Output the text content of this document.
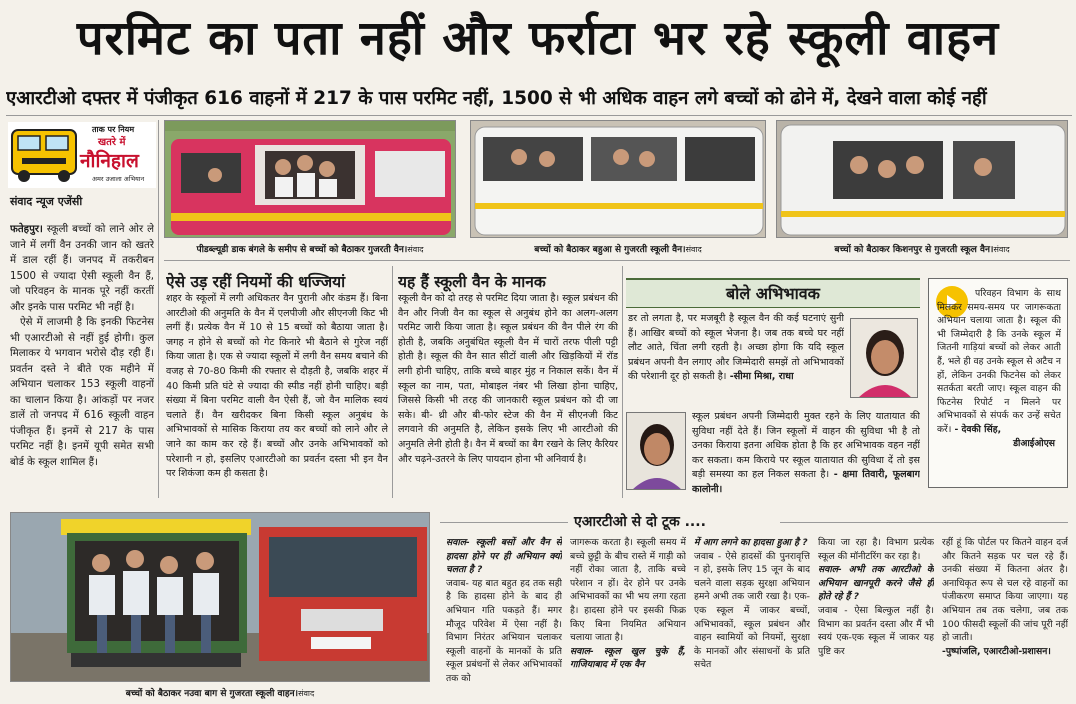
परमिट का पता नहीं और फर्राटा भर रहे स्कूली वाहन
एआरटीओ दफ्तर में पंजीकृत 616 वाहनों में 217 के पास परमिट नहीं, 1500 से भी अधिक वाहन लगे बच्चों को ढोने में, देखने वाला कोई नहीं
ताक पर नियम
खतरे में
नौनिहाल
अमर उजाला अभियान
संवाद न्यूज एजेंसी

फतेहपुर। स्कूली बच्चों को लाने ओर ले जाने में लगीं वैन उनकी जान को खतरे में डाल रहीं हैं। जनपद में तकरीबन 1500 से ज्यादा ऐसी स्कूली वैन हैं, जो परिवहन के मानक पूरे नहीं करतीं और इनके पास परमिट भी नहीं है।

ऐसे में लाजमी है कि इनकी फिटनेस भी एआरटीओ से नहीं हुई होगी। कुल मिलाकर ये भगवान भरोसे दौड़ रही हैं। प्रवर्तन दस्ते ने बीते एक महीने में अभियान चलाकर 153 स्कूली वाहनों का चालान किया है। आंकड़ों पर नजर डालें तो जनपद में 616 स्कूली वाहन पंजीकृत हैं। इनमें से 217 के पास परमिट नहीं है। इनमें यूपी समेत सभी बोर्ड के स्कूल शामिल हैं।

पीडब्ल्यूडी डाक बंगले के समीप से बच्चों को बैठाकर गुजरती वैन।संवाद	बच्चों को बैठाकर बहुआ से गुजरती स्कूली वैन।संवाद	बच्चों को बैठाकर किशनपुर से गुजरती स्कूल वैन।संवाद
ऐसे उड़ रहीं नियमों की धज्जियां
शहर के स्कूलों में लगी अधिकतर वैन पुरानी और कंडम हैं। बिना आरटीओ की अनुमति के वैन में एलपीजी और सीएनजी किट भी लगीं हैं। प्रत्येक वैन में 10 से 15 बच्चों को बैठाया जाता है। जगह न होने से बच्चों को गेट किनारे भी बैठाने से गुरेज नहीं किया जाता है। एक से ज्यादा स्कूलों में लगी वैन समय बचाने की वजह से 70-80 किमी की रफ्तार से दौड़ती है, जबकि शहर में 40 किमी प्रति घंटे से ज्यादा की स्पीड नहीं होनी चाहिए। बड़ी संख्या में बिना परमिट वाली वैन ऐसी हैं, जो वैन मालिक स्वयं चलाते हैं। वैन खरीदकर बिना किसी स्कूल अनुबंध के अभिभावकों से मासिक किराया तय कर बच्चों को लाने और ले जाने का काम कर रहे हैं। बच्चों और उनके अभिभावकों को परेशानी न हो, इसलिए एआरटीओ का प्रवर्तन दस्ता भी इन वैन पर शिकंजा कम ही कसता है।
यह हैं स्कूली वैन के मानक
स्कूली वैन को दो तरह से परमिट दिया जाता है। स्कूल प्रबंधन की वैन और निजी वैन का स्कूल से अनुबंध होने का अलग-अलग परमिट जारी किया जाता है। स्कूल प्रबंधन की वैन पीले रंग की होती है, जबकि अनुबंधित स्कूली वैन में चारों तरफ पीली पट्टी होती है। स्कूल की वैन सात सीटों वाली और खिड़कियों में रॉड लगी होनी चाहिए, ताकि बच्चे बाहर मुंह न निकाल सकें। वैन में स्कूल का नाम, पता, मोबाइल नंबर भी लिखा होना चाहिए, जिससे किसी भी तरह की जानकारी स्कूल प्रबंधन को दी जा सके। बी- थ्री और बी-फोर स्टेज की वैन में सीएनजी किट लगवाने की अनुमति है, लेकिन इसके लिए भी आरटीओ की अनुमति लेनी होती है। वैन में बच्चों का बैग रखने के लिए कैरियर और चढ़ने-उतरने के लिए पायदान होना भी अनिवार्य है।
बोले अभिभावक
डर तो लगता है, पर मजबूरी है स्कूल वैन की कई घटनाएं सुनी हैं। आखिर बच्चों को स्कूल भेजना है। जब तक बच्चे घर नहीं लौट आते, चिंता लगी रहती है। अच्छा होगा कि यदि स्कूल प्रबंधन अपनी वैन लगाए और जिम्मेदारी समझें तो अभिभावकों की परेशानी दूर हो सकती है। -सीमा मिश्रा, राधा
स्कूल प्रबंधन अपनी जिम्मेदारी मुक्त रहने के लिए यातायात की सुविधा नहीं देते हैं। जिन स्कूलों में वाहन की सुविधा भी है तो उनका किराया इतना अधिक होता है कि हर अभिभावक वहन नहीं कर सकता। कम किराये पर स्कूल यातायात की सुविधा दें तो इस बड़ी समस्या का हल निकल सकता है। - क्षमा तिवारी, फूलबाग कालोनी।
परिवहन विभाग के साथ मिलकर समय-समय पर जागरूकता अभियान चलाया जाता है। स्कूल की भी जिम्मेदारी है कि उनके स्कूल में जितनी गाड़ियां बच्चों को लेकर आती हैं, भले ही वह उनके स्कूल से अटैच न हों, लेकिन उनकी फिटनेस को लेकर सतर्कता बरती जाए। स्कूल वाहन की फिटनेस रिपोर्ट न मिलने पर अभिभावकों से संपर्क कर उन्हें सचेत करें। - देवकी सिंह,
डीआईओएस
बच्चों को बैठाकर नउवा बाग से गुजरता स्कूली वाहन।संवाद
एआरटीओ से दो टूक ....
सवाल- स्कूली बसों और वैन से हादसा होने पर ही अभियान क्यों चलता है ?
जवाब- यह बात बहुत हद तक सही है कि हादसा होने के बाद ही अभियान गति पकड़ते हैं। मगर मौजूद परिवेश में ऐसा नहीं है। विभाग निरंतर अभियान चलाकर स्कूली वाहनों के मानकों के प्रति स्कूल प्रबंधनों से लेकर अभिभावकों तक को
जागरूक करता है। स्कूली समय में बच्चे छुट्टी के बीच रास्ते में गाड़ी को नहीं रोका जाता है, ताकि बच्चे परेशान न हों। देर होने पर उनके अभिभावकों का भी भय लगा रहता है। हादसा होने पर इसकी फिक्र किए बिना नियमित अभियान चलाया जाता है।
सवाल- स्कूल खुल चुके हैं, गाजियाबाद में एक वैन
में आग लगने का हादसा हुआ है ?
जवाब - ऐसे हादसों की पुनरावृत्ति न हो, इसके लिए 15 जून के बाद चलने वाला सड़क सुरक्षा अभियान हमने अभी तक जारी रखा है। एक-एक स्कूल में जाकर बच्चों, अभिभावकों, स्कूल प्रबंधन और वाहन स्वामियों को नियमों, सुरक्षा के मानकों और संसाधनों के प्रति सचेत
किया जा रहा है। विभाग प्रत्येक स्कूल की मॉनीटरिंग कर रहा है।
सवाल- अभी तक आरटीओ के अभियान खानपूरी करने जैसे ही होते रहे हैं ?
जवाब - ऐसा बिल्कुल नहीं है। विभाग का प्रवर्तन दस्ता और मैं भी स्वयं एक-एक स्कूल में जाकर यह पुष्टि कर
रहीं हूं कि पोर्टल पर कितने वाहन दर्ज और कितने सड़क पर चल रहे हैं। उनकी संख्या में कितना अंतर है। अनाधिकृत रूप से चल रहे वाहनों का पंजीकरण समाप्त किया जाएगा। यह अभियान तब तक चलेगा, जब तक 100 फीसदी स्कूलों की जांच पूरी नहीं हो जाती।
-पुष्पांजलि, एआरटीओ-प्रशासन।
